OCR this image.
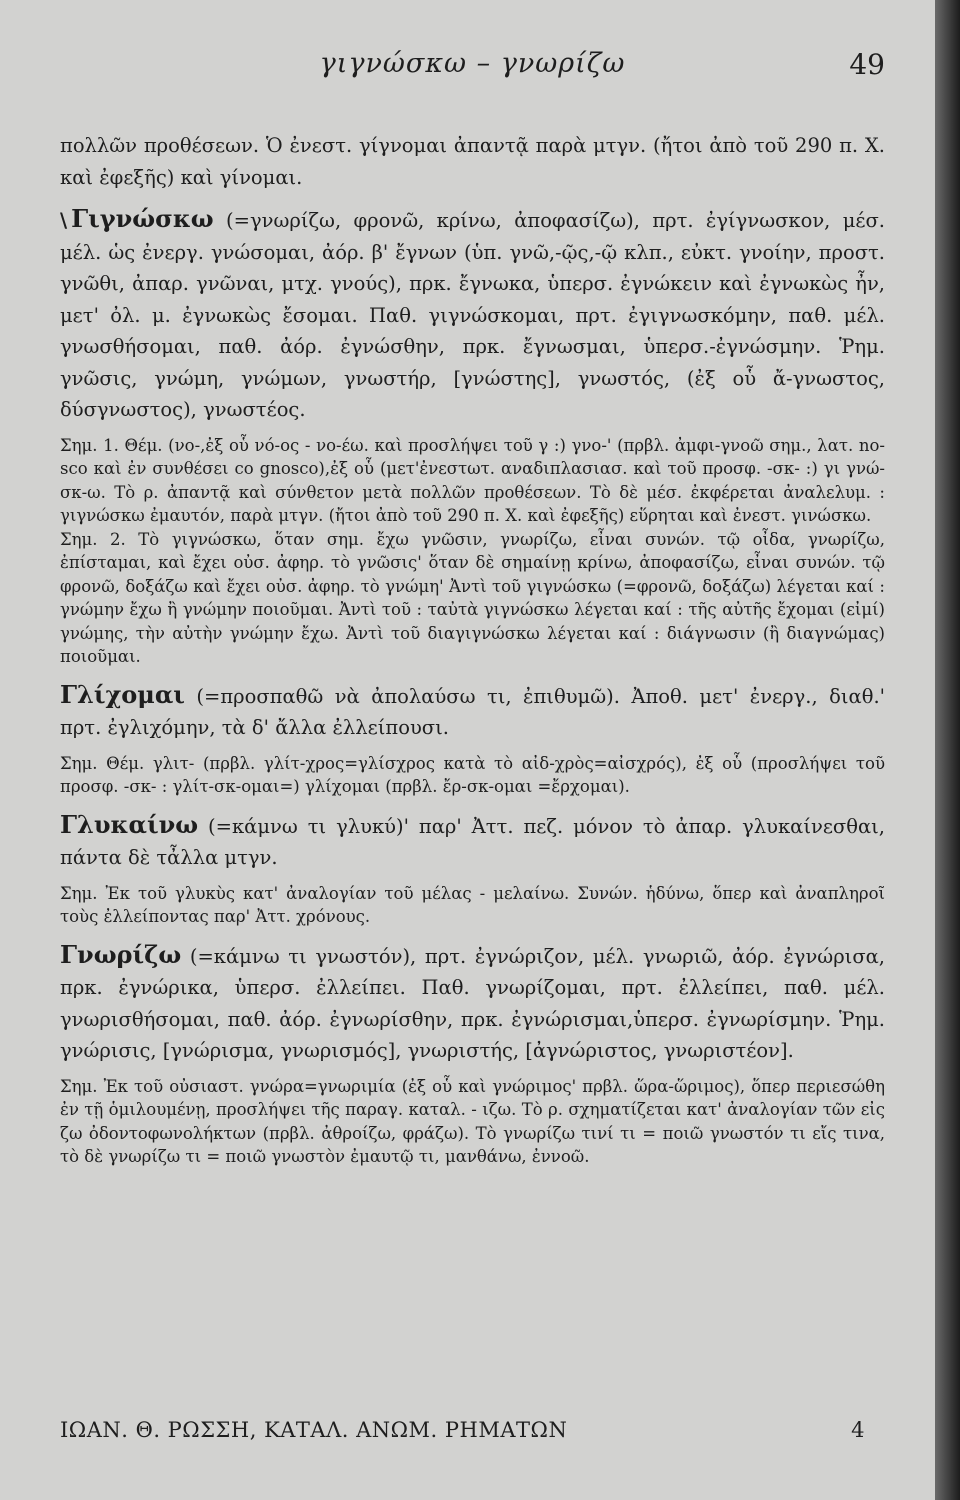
γιγνώσκω – γνωρίζω	49

πολλῶν προθέσεων. Ὁ ἐνεστ. γίγνομαι ἀπαντᾷ παρὰ μτγν. (ἤτοι ἀπὸ τοῦ 290 π. Χ. καὶ ἐφεξῆς) καὶ γίνομαι.

\ Γιγνώσκω (=γνωρίζω, φρονῶ, κρίνω, ἀποφασίζω), πρτ. ἐγίγνωσκον, μέσ. μέλ. ὡς ἐνεργ. γνώσομαι, ἀόρ. β' ἔγνων (ὑπ. γνῶ,-ῷς,-ῷ κλπ., εὐκτ. γνοίην, προστ. γνῶθι, ἀπαρ. γνῶναι, μτχ. γνούς), πρκ. ἔγνωκα, ὑπερσ. ἐγνώκειν καὶ ἐγνωκὼς ἦν, μετ' ὀλ. μ. ἐγνωκὼς ἔσομαι. Παθ. γιγνώσκομαι, πρτ. ἐγιγνωσκόμην, παθ. μέλ. γνωσθήσομαι, παθ. ἀόρ. ἐγνώσθην, πρκ. ἔγνωσμαι, ὑπερσ.-ἐγνώσμην. Ῥημ. γνῶσις, γνώμη, γνώμων, γνωστήρ, [γνώστης], γνωστός, (ἐξ οὗ ἄ-γνωστος, δύσγνωστος), γνωστέος.

Σημ. 1. Θέμ. (νο-,ἐξ οὗ νό-ος - νο-έω. καὶ προσλήψει τοῦ γ :) γνο-' (πρβλ. ἀμφι-γνοῶ σημ., λατ. no-sco καὶ ἐν συνθέσει co gnosco),ἐξ οὗ (μετ'ἐνεστωτ. αναδιπλασιασ. καὶ τοῦ προσφ. -σκ- :) γι γνώ-σκ-ω. Τὸ ρ. ἀπαντᾷ καὶ σύνθετον μετὰ πολλῶν προθέσεων. Τὸ δὲ μέσ. ἐκφέρεται ἀναλελυμ. : γιγνώσκω ἐμαυτόν, παρὰ μτγν. (ἤτοι ἀπὸ τοῦ 290 π. Χ. καὶ ἐφεξῆς) εὕρηται καὶ ἐνεστ. γινώσκω.

Σημ. 2. Τὸ γιγνώσκω, ὅταν σημ. ἔχω γνῶσιν, γνωρίζω, εἶναι συνών. τῷ οἶδα, γνωρίζω, ἐπίσταμαι, καὶ ἔχει οὐσ. ἀφηρ. τὸ γνῶσις' ὅταν δὲ σημαίνῃ κρίνω, ἀποφασίζω, εἶναι συνών. τῷ φρονῶ, δοξάζω καὶ ἔχει οὐσ. ἀφηρ. τὸ γνώμη' Ἀντὶ τοῦ γιγνώσκω (=φρονῶ, δοξάζω) λέγεται καί : γνώμην ἔχω ἢ γνώμην ποιοῦμαι. Ἀντὶ τοῦ : ταὐτὰ γιγνώσκω λέγεται καί : τῆς αὐτῆς ἔχομαι (εἰμί) γνώμης, τὴν αὐτὴν γνώμην ἔχω. Ἀντὶ τοῦ διαγιγνώσκω λέγεται καί : διάγνωσιν (ἢ διαγνώμας) ποιοῦμαι.

Γλίχομαι (=προσπαθῶ νὰ ἀπολαύσω τι, ἐπιθυμῶ). Ἀποθ. μετ' ἐνεργ., διαθ.' πρτ. ἐγλιχόμην, τὰ δ' ἄλλα ἐλλείπουσι.

Σημ. Θέμ. γλιτ- (πρβλ. γλίτ-χρος=γλίσχρος κατὰ τὸ αἰδ-χρὸς=αἰσχρός), ἐξ οὗ (προσλήψει τοῦ προσφ. -σκ- : γλίτ-σκ-ομαι=) γλίχομαι (πρβλ. ἔρ-σκ-ομαι =ἔρχομαι).

Γλυκαίνω (=κάμνω τι γλυκύ)' παρ' Ἀττ. πεζ. μόνον τὸ ἀπαρ. γλυκαίνεσθαι, πάντα δὲ τἆλλα μτγν.

Σημ. Ἐκ τοῦ γλυκὺς κατ' ἀναλογίαν τοῦ μέλας - μελαίνω. Συνών. ἡδύνω, ὅπερ καὶ ἀναπληροῖ τοὺς ἐλλείποντας παρ' Ἀττ. χρόνους.

Γνωρίζω (=κάμνω τι γνωστόν), πρτ. ἐγνώριζον, μέλ. γνωριῶ, ἀόρ. ἐγνώρισα, πρκ. ἐγνώρικα, ὑπερσ. ἐλλείπει. Παθ. γνωρίζομαι, πρτ. ἐλλείπει, παθ. μέλ. γνωρισθήσομαι, παθ. ἀόρ. ἐγνωρίσθην, πρκ. ἐγνώρισμαι,ὑπερσ. ἐγνωρίσμην. Ῥημ. γνώρισις, [γνώρισμα, γνωρισμός], γνωριστής, [ἀγνώριστος, γνωριστέον].

Σημ. Ἐκ τοῦ οὐσιαστ. γνώρα=γνωριμία (ἐξ οὗ καὶ γνώριμος' πρβλ. ὥρα-ὥριμος), ὅπερ περιεσώθη ἐν τῇ ὁμιλουμένῃ, προσλήψει τῆς παραγ. καταλ. - ιζω. Τὸ ρ. σχηματίζεται κατ' ἀναλογίαν τῶν εἰς ζω ὀδοντοφωνολήκτων (πρβλ. ἀθροίζω, φράζω). Τὸ γνωρίζω τινί τι = ποιῶ γνωστόν τι εἴς τινα, τὸ δὲ γνωρίζω τι = ποιῶ γνωστὸν ἐμαυτῷ τι, μανθάνω, ἐννοῶ.

ΙΩΑΝ. Θ. ΡΩΣΣΗ, ΚΑΤΑΛ. ΑΝΩΜ. ΡΗΜΑΤΩΝ	4
